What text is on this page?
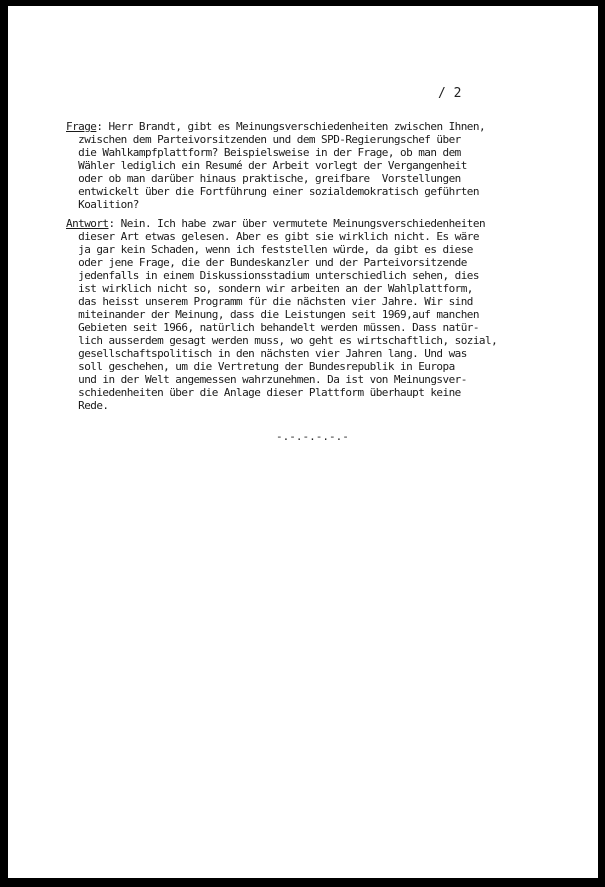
/ 2
Frage: Herr Brandt, gibt es Meinungsverschiedenheiten zwischen Ihnen,
zwischen dem Parteivorsitzenden und dem SPD-Regierungschef über
die Wahlkampfplattform? Beispielsweise in der Frage, ob man dem
Wähler lediglich ein Resumé der Arbeit vorlegt der Vergangenheit
oder ob man darüber hinaus praktische, greifbare  Vorstellungen
entwickelt über die Fortführung einer sozialdemokratisch geführten
Koalition?
Antwort: Nein. Ich habe zwar über vermutete Meinungsverschiedenheiten
dieser Art etwas gelesen. Aber es gibt sie wirklich nicht. Es wäre
ja gar kein Schaden, wenn ich feststellen würde, da gibt es diese
oder jene Frage, die der Bundeskanzler und der Parteivorsitzende
jedenfalls in einem Diskussionsstadium unterschiedlich sehen, dies
ist wirklich nicht so, sondern wir arbeiten an der Wahlplattform,
das heisst unserem Programm für die nächsten vier Jahre. Wir sind
miteinander der Meinung, dass die Leistungen seit 1969,auf manchen
Gebieten seit 1966, natürlich behandelt werden müssen. Dass natür-
lich ausserdem gesagt werden muss, wo geht es wirtschaftlich, sozial,
gesellschaftspolitisch in den nächsten vier Jahren lang. Und was
soll geschehen, um die Vertretung der Bundesrepublik in Europa
und in der Welt angemessen wahrzunehmen. Da ist von Meinungsver-
schiedenheiten über die Anlage dieser Plattform überhaupt keine
Rede.
-.-.-.-.-.-
